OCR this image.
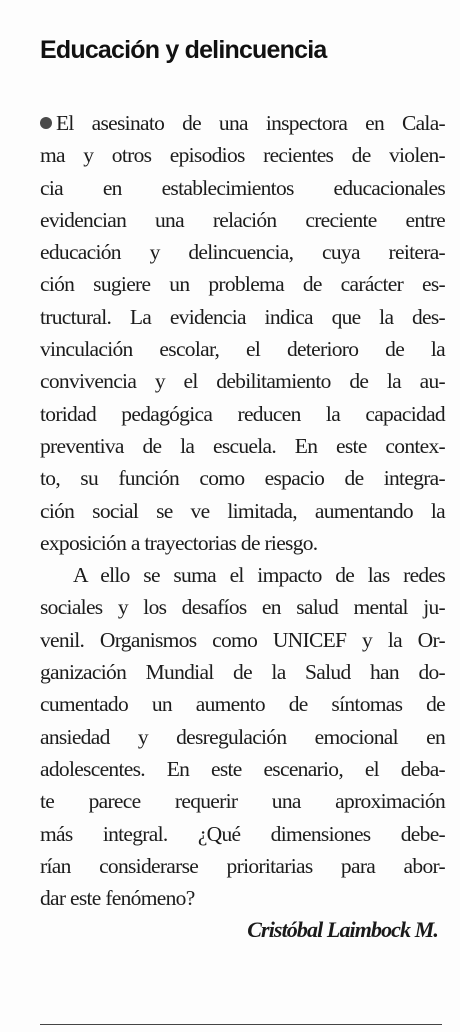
Educación y delincuencia
El asesinato de una inspectora en Cala-
ma y otros episodios recientes de violen-
cia en establecimientos educacionales
evidencian una relación creciente entre
educación y delincuencia, cuya reitera-
ción sugiere un problema de carácter es-
tructural. La evidencia indica que la des-
vinculación escolar, el deterioro de la
convivencia y el debilitamiento de la au-
toridad pedagógica reducen la capacidad
preventiva de la escuela. En este contex-
to, su función como espacio de integra-
ción social se ve limitada, aumentando la
exposición a trayectorias de riesgo.
A ello se suma el impacto de las redes
sociales y los desafíos en salud mental ju-
venil. Organismos como UNICEF y la Or-
ganización Mundial de la Salud han do-
cumentado un aumento de síntomas de
ansiedad y desregulación emocional en
adolescentes. En este escenario, el deba-
te parece requerir una aproximación
más integral. ¿Qué dimensiones debe-
rían considerarse prioritarias para abor-
dar este fenómeno?

Cristóbal Laimbock M.
